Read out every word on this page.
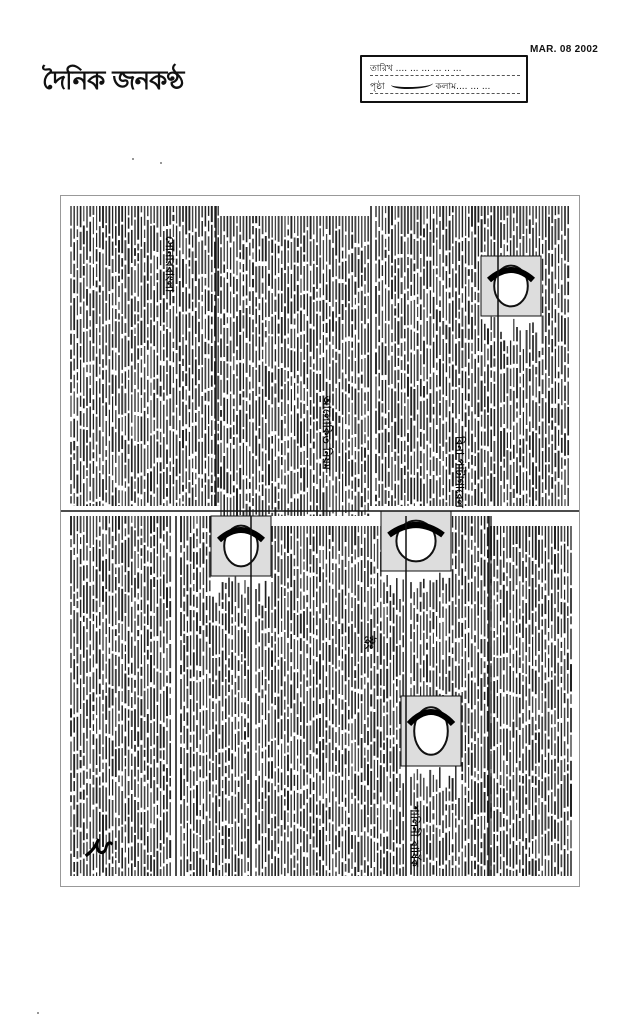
দৈনিক জনকণ্ঠ
MAR. 08 2002
তারিখ .... ... ... ... .. ...
পৃষ্ঠা	কলাম.... ... ...
আলোকিত নিয়ম
সোনারবাংলা
বিনা পাটাগারেল
শালিনী বার্ষিক
স্ট্রং
২
